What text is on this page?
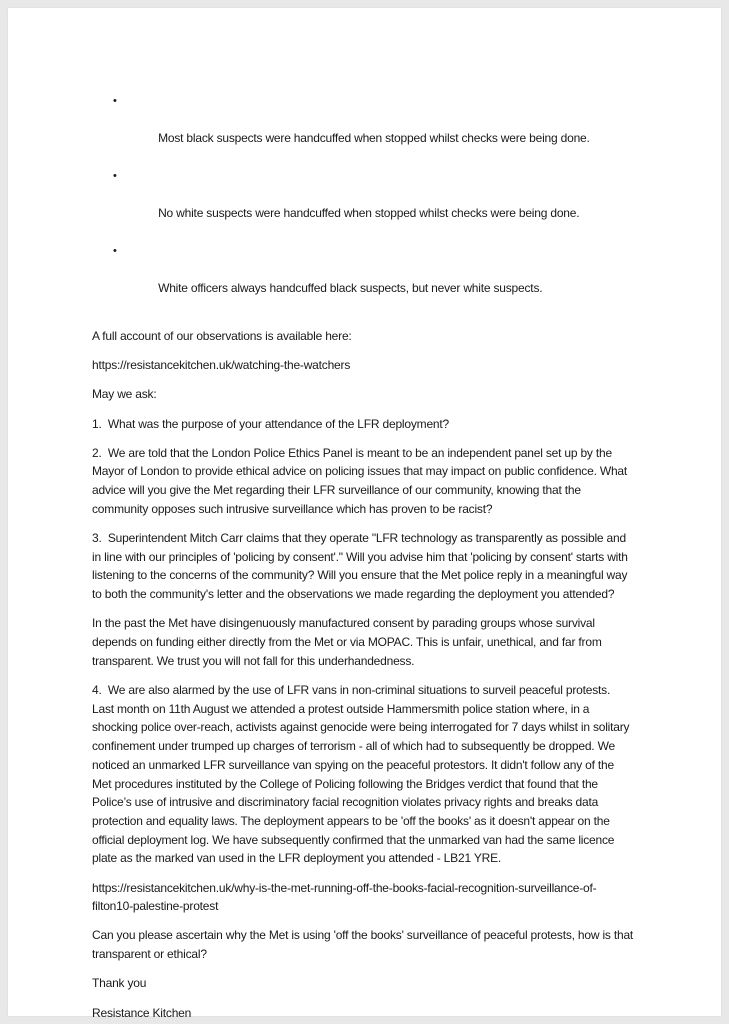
•

Most black suspects were handcuffed when stopped whilst checks were being done.

•

No white suspects were handcuffed when stopped whilst checks were being done.

•

White officers always handcuffed black suspects, but never white suspects.

A full account of our observations is available here:

https://resistancekitchen.uk/watching-the-watchers

May we ask:

1.  What was the purpose of your attendance of the LFR deployment?

2.  We are told that the London Police Ethics Panel is meant to be an independent panel set up by the Mayor of London to provide ethical advice on policing issues that may impact on public confidence. What advice will you give the Met regarding their LFR surveillance of our community, knowing that the community opposes such intrusive surveillance which has proven to be racist?

3.  Superintendent Mitch Carr claims that they operate "LFR technology as transparently as possible and in line with our principles of 'policing by consent'." Will you advise him that 'policing by consent' starts with listening to the concerns of the community? Will you ensure that the Met police reply in a meaningful way to both the community's letter and the observations we made regarding the deployment you attended?

In the past the Met have disingenuously manufactured consent by parading groups whose survival depends on funding either directly from the Met or via MOPAC. This is unfair, unethical, and far from transparent. We trust you will not fall for this underhandedness.

4.  We are also alarmed by the use of LFR vans in non-criminal situations to surveil peaceful protests. Last month on 11th August we attended a protest outside Hammersmith police station where, in a shocking police over-reach, activists against genocide were being interrogated for 7 days whilst in solitary confinement under trumped up charges of terrorism - all of which had to subsequently be dropped. We noticed an unmarked LFR surveillance van spying on the peaceful protestors. It didn't follow any of the Met procedures instituted by the College of Policing following the Bridges verdict that found that the Police’s use of intrusive and discriminatory facial recognition violates privacy rights and breaks data protection and equality laws. The deployment appears to be 'off the books' as it doesn't appear on the official deployment log. We have subsequently confirmed that the unmarked van had the same licence plate as the marked van used in the LFR deployment you attended - LB21 YRE.

https://resistancekitchen.uk/why-is-the-met-running-off-the-books-facial-recognition-surveillance-of-filton10-palestine-protest

Can you please ascertain why the Met is using 'off the books' surveillance of peaceful protests, how is that transparent or ethical?

Thank you

Resistance Kitchen
